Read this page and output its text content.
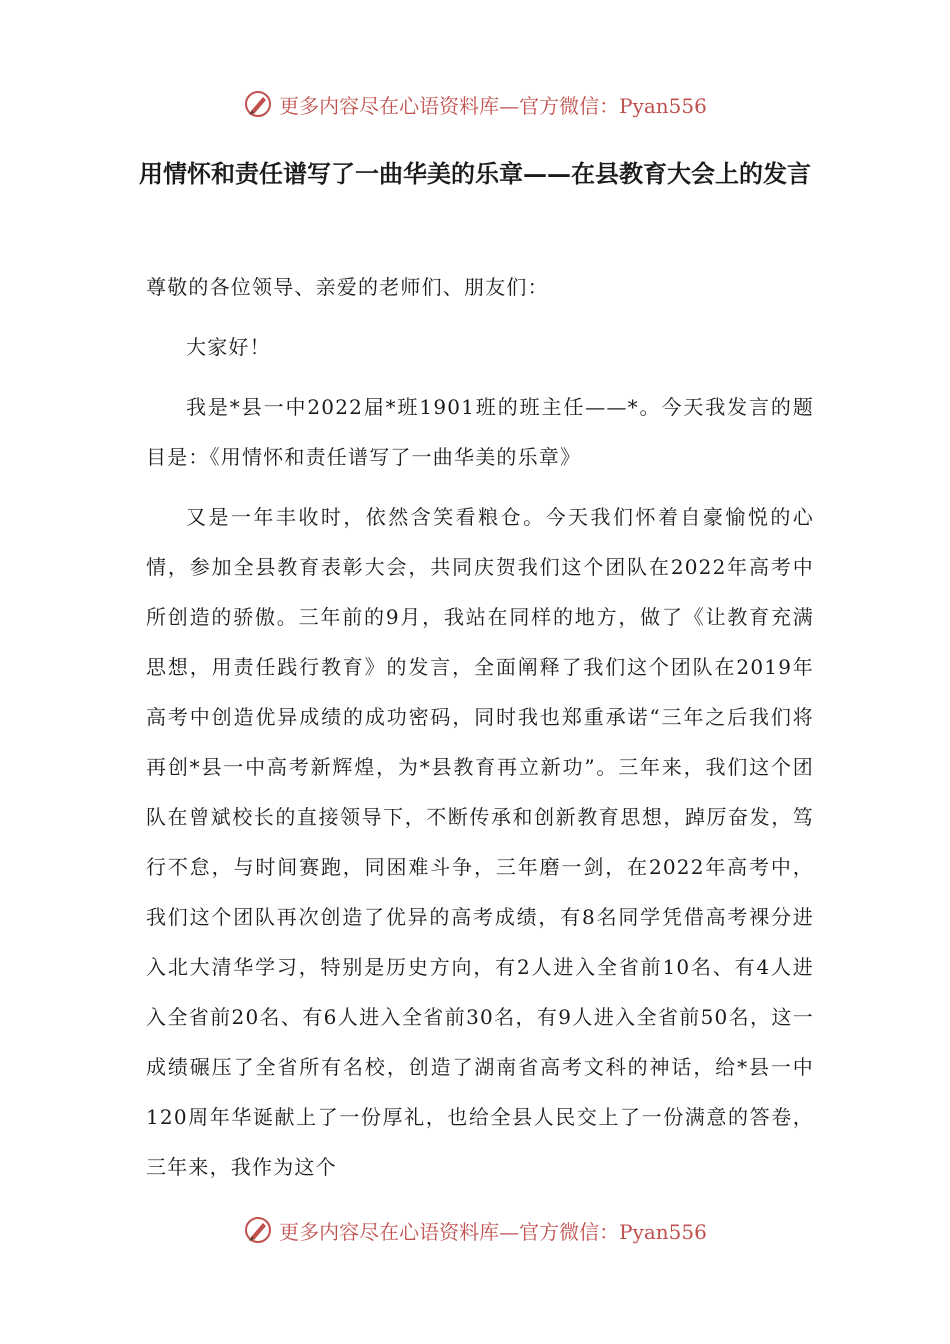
更多内容尽在心语资料库—官方微信：Pyan556
用情怀和责任谱写了一曲华美的乐章——在县教育大会上的发言

尊敬的各位领导、亲爱的老师们、朋友们：

大家好！

我是*县一中2022届*班1901班的班主任——*。今天我发言的题目是：《用情怀和责任谱写了一曲华美的乐章》

又是一年丰收时，依然含笑看粮仓。今天我们怀着自豪愉悦的心情，参加全县教育表彰大会，共同庆贺我们这个团队在2022年高考中所创造的骄傲。三年前的9月，我站在同样的地方，做了《让教育充满思想，用责任践行教育》的发言，全面阐释了我们这个团队在2019年高考中创造优异成绩的成功密码，同时我也郑重承诺“三年之后我们将再创*县一中高考新辉煌，为*县教育再立新功”。三年来，我们这个团队在曾斌校长的直接领导下，不断传承和创新教育思想，踔厉奋发，笃行不怠，与时间赛跑，同困难斗争，三年磨一剑，在2022年高考中，我们这个团队再次创造了优异的高考成绩，有8名同学凭借高考裸分进入北大清华学习，特别是历史方向，有2人进入全省前10名、有4人进入全省前20名、有6人进入全省前30名，有9人进入全省前50名，这一成绩碾压了全省所有名校，创造了湖南省高考文科的神话，给*县一中120周年华诞献上了一份厚礼，也给全县人民交上了一份满意的答卷，三年来，我作为这个

更多内容尽在心语资料库—官方微信：Pyan556
